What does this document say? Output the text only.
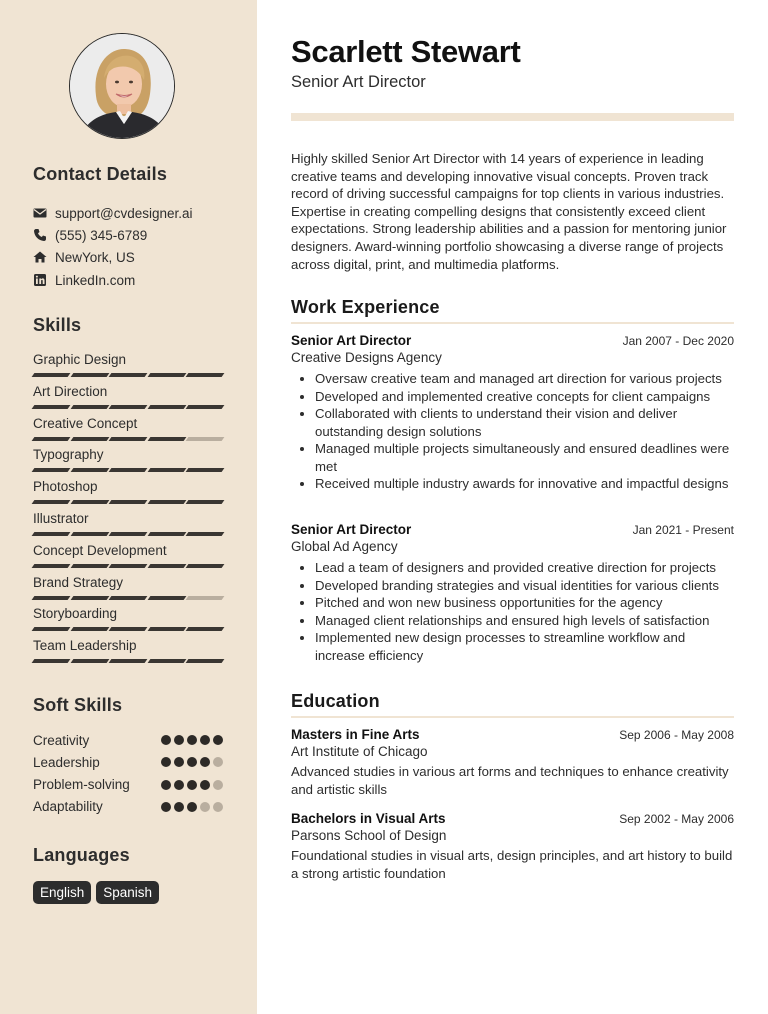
Contact Details
support@cvdesigner.ai
(555) 345-6789
NewYork, US
LinkedIn.com
Skills
Graphic Design
Art Direction
Creative Concept
Typography
Photoshop
Illustrator
Concept Development
Brand Strategy
Storyboarding
Team Leadership
Soft Skills
Creativity
Leadership
Problem-solving
Adaptability
Languages
English	Spanish
Scarlett Stewart
Senior Art Director
Highly skilled Senior Art Director with 14 years of experience in leading creative teams and developing innovative visual concepts. Proven track record of driving successful campaigns for top clients in various industries. Expertise in creating compelling designs that consistently exceed client expectations. Strong leadership abilities and a passion for mentoring junior designers. Award-winning portfolio showcasing a diverse range of projects across digital, print, and multimedia platforms.
Work Experience
Senior Art Director	Jan 2007 - Dec 2020
Creative Designs Agency
• Oversaw creative team and managed art direction for various projects
• Developed and implemented creative concepts for client campaigns
• Collaborated with clients to understand their vision and deliver outstanding design solutions
• Managed multiple projects simultaneously and ensured deadlines were met
• Received multiple industry awards for innovative and impactful designs
Senior Art Director	Jan 2021 - Present
Global Ad Agency
• Lead a team of designers and provided creative direction for projects
• Developed branding strategies and visual identities for various clients
• Pitched and won new business opportunities for the agency
• Managed client relationships and ensured high levels of satisfaction
• Implemented new design processes to streamline workflow and increase efficiency
Education
Masters in Fine Arts	Sep 2006 - May 2008
Art Institute of Chicago
Advanced studies in various art forms and techniques to enhance creativity and artistic skills
Bachelors in Visual Arts	Sep 2002 - May 2006
Parsons School of Design
Foundational studies in visual arts, design principles, and art history to build a strong artistic foundation
